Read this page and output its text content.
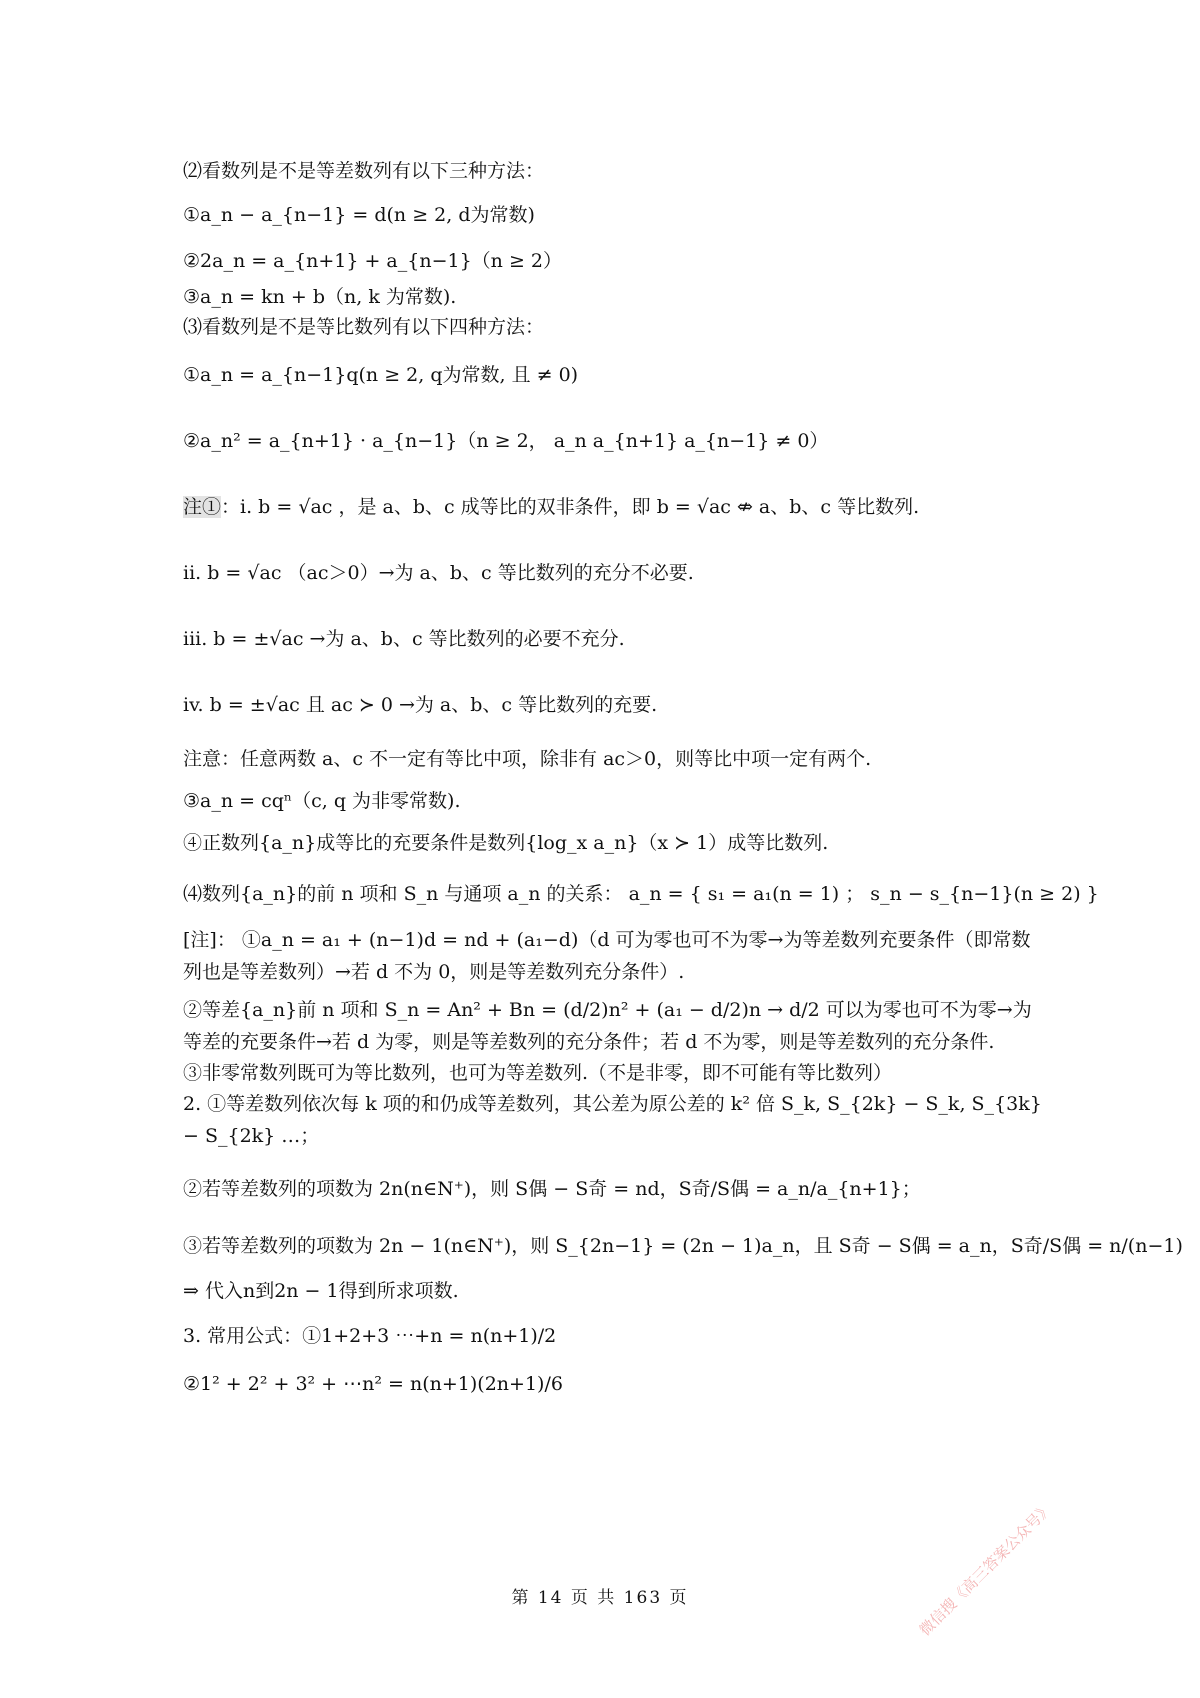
⑵看数列是不是等差数列有以下三种方法：
①a_n − a_{n−1} = d(n ≥ 2, d为常数)
②2a_n = a_{n+1} + a_{n−1}（n ≥ 2）
③a_n = kn + b（n, k 为常数).
⑶看数列是不是等比数列有以下四种方法：
①a_n = a_{n−1}q(n ≥ 2, q为常数, 且 ≠ 0)
②a_n² = a_{n+1} · a_{n−1}（n ≥ 2， a_n a_{n+1} a_{n−1} ≠ 0）
注①：i. b = √ac ，是 a、b、c 成等比的双非条件，即 b = √ac ⇎ a、b、c 等比数列.
ii. b = √ac （ac＞0）→为 a、b、c 等比数列的充分不必要.
iii. b = ±√ac →为 a、b、c 等比数列的必要不充分.
iv. b = ±√ac 且 ac ≻ 0 →为 a、b、c 等比数列的充要.
注意：任意两数 a、c 不一定有等比中项，除非有 ac＞0，则等比中项一定有两个.
③a_n = cqⁿ（c, q 为非零常数).
④正数列{a_n}成等比的充要条件是数列{log_x a_n}（x ≻ 1）成等比数列.
⑷数列{a_n}的前 n 项和 S_n 与通项 a_n 的关系： a_n = { s₁ = a₁(n = 1) ； s_n − s_{n−1}(n ≥ 2) }
[注]： ①a_n = a₁ + (n−1)d = nd + (a₁−d)（d 可为零也可不为零→为等差数列充要条件（即常数列也是等差数列）→若 d 不为 0，则是等差数列充分条件）.
②等差{a_n}前 n 项和 S_n = An² + Bn = (d/2)n² + (a₁ − d/2)n → d/2 可以为零也可不为零→为等差的充要条件→若 d 为零，则是等差数列的充分条件；若 d 不为零，则是等差数列的充分条件.
③非零常数列既可为等比数列，也可为等差数列.（不是非零，即不可能有等比数列）
2. ①等差数列依次每 k 项的和仍成等差数列，其公差为原公差的 k² 倍 S_k, S_{2k} − S_k, S_{3k} − S_{2k} …；
②若等差数列的项数为 2n(n∈N⁺)，则 S偶 − S奇 = nd，S奇/S偶 = a_n/a_{n+1}；
③若等差数列的项数为 2n − 1(n∈N⁺)，则 S_{2n−1} = (2n − 1)a_n，且 S奇 − S偶 = a_n，S奇/S偶 = n/(n−1)
⇒ 代入n到2n − 1得到所求项数.
3. 常用公式：①1+2+3 ⋯+n = n(n+1)/2
②1² + 2² + 3² + ⋯n² = n(n+1)(2n+1)/6
第 14 页 共 163 页	微信搜《高三答案公众号》
